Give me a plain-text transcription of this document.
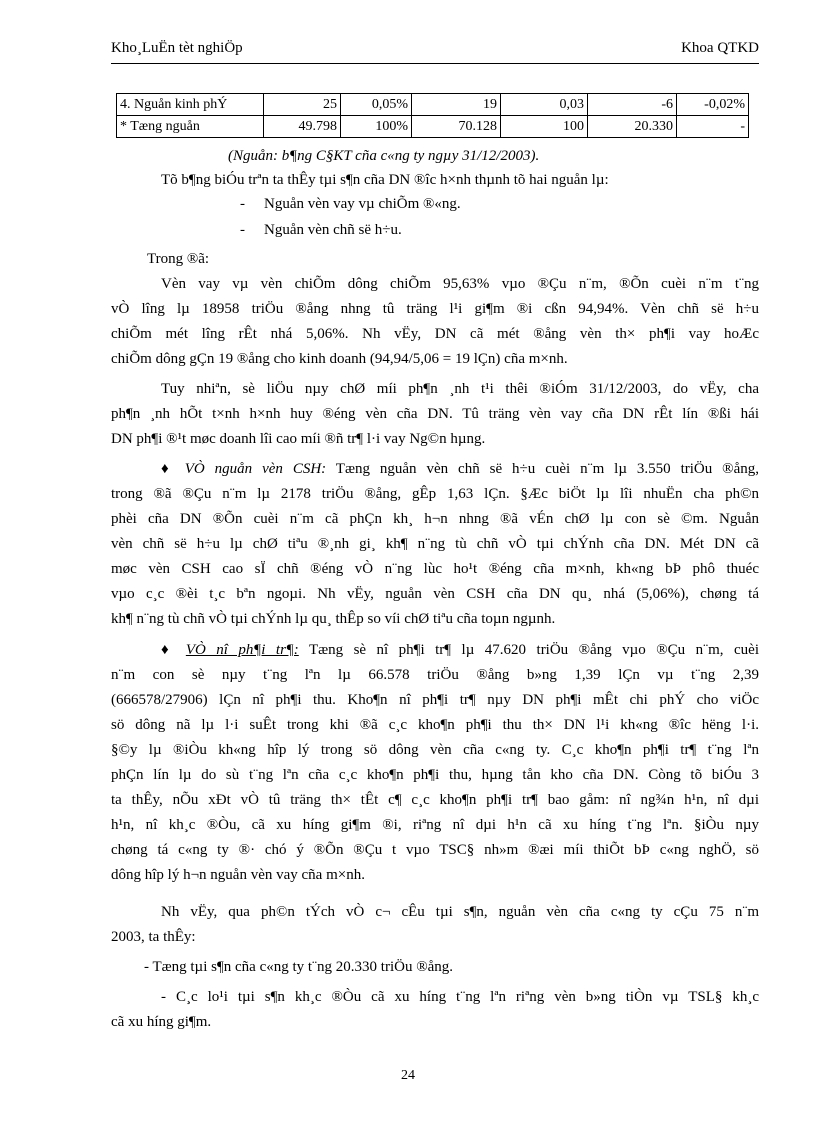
Kho¸LuËn tèt nghiÖp	Khoa QTKD
4. Nguån kinh phÝ	25	0,05%	19	0,03	-6	-0,02%
* Tæng nguån	49.798	100%	70.128	100	20.330	-
(Nguån: b¶ng C§KT cña c«ng ty ngµy 31/12/2003).

Tõ b¶ng biÓu trªn ta thÊy tµi s¶n cña DN ®îc h×nh thµnh tõ hai nguån lµ:

- Nguån vèn vay vµ chiÕm ®«ng.
- Nguån vèn chñ së h÷u.

Trong ®ã:

Vèn vay vµ vèn chiÕm dông chiÕm 95,63% vµo ®Çu n¨m, ®Õn cuèi n¨m t¨ng

vÒ lîng lµ 18958 triÖu ®ång nhng tû träng l¹i gi¶m ®i cßn 94,94%. Vèn chñ së h÷u

chiÕm mét lîng rÊt nhá 5,06%. Nh vËy, DN cã mét ®ång vèn th× ph¶i vay hoÆc

chiÕm dông gÇn 19 ®ång cho kinh doanh (94,94/5,06 = 19 lÇn) cña m×nh.

Tuy nhiªn, sè liÖu nµy chØ míi ph¶n ¸nh t¹i thêi ®iÓm 31/12/2003, do vËy, cha

ph¶n ¸nh hÕt t×nh h×nh huy ®éng vèn cña DN. Tû träng vèn vay cña DN rÊt lín ®ßi hái

DN ph¶i ®¹t møc doanh lîi cao míi ®ñ tr¶ l·i vay Ng©n hµng.

♦ VÒ nguån vèn CSH: Tæng nguån vèn chñ së h÷u cuèi n¨m lµ 3.550 triÖu ®ång,

trong ®ã ®Çu n¨m lµ 2178 triÖu ®ång, gÊp 1,63 lÇn. §Æc biÖt lµ lîi nhuËn cha ph©n

phèi cña DN ®Õn cuèi n¨m cã phÇn kh¸ h¬n nhng ®ã vÉn chØ lµ con sè ©m. Nguån

vèn chñ së h÷u lµ chØ tiªu ®¸nh gi¸ kh¶ n¨ng tù chñ vÒ tµi chÝnh cña DN. Mét DN cã

møc vèn CSH cao sÏ chñ ®éng vÒ n¨ng lùc ho¹t ®éng cña m×nh, kh«ng bÞ phô thuéc

vµo c¸c ®èi t¸c bªn ngoµi. Nh vËy, nguån vèn CSH cña DN qu¸ nhá (5,06%), chøng tá

kh¶ n¨ng tù chñ vÒ tµi chÝnh lµ qu¸ thÊp so víi chØ tiªu cña toµn ngµnh.

♦ VÒ nî ph¶i tr¶: Tæng sè nî ph¶i tr¶ lµ 47.620 triÖu ®ång vµo ®Çu n¨m, cuèi

n¨m con sè nµy t¨ng lªn lµ 66.578 triÖu ®ång b»ng 1,39 lÇn vµ t¨ng 2,39

(666578/27906) lÇn nî ph¶i thu. Kho¶n nî ph¶i tr¶ nµy DN ph¶i mÊt chi phÝ cho viÖc

sö dông nã lµ l·i suÊt trong khi ®ã c¸c kho¶n ph¶i thu th× DN l¹i kh«ng ®îc hëng l·i.

§©y lµ ®iÒu kh«ng hîp lý trong sö dông vèn cña c«ng ty. C¸c kho¶n ph¶i tr¶ t¨ng lªn

phÇn lín lµ do sù t¨ng lªn cña c¸c kho¶n ph¶i thu, hµng tån kho cña DN. Còng tõ biÓu 3

ta thÊy, nÕu xÐt vÒ tû träng th× tÊt c¶ c¸c kho¶n ph¶i tr¶ bao gåm: nî ng¾n h¹n, nî dµi

h¹n, nî kh¸c ®Òu, cã xu híng gi¶m ®i, riªng nî dµi h¹n cã xu híng t¨ng lªn. §iÒu nµy

chøng tá c«ng ty ®· chó ý ®Õn ®Çu t vµo TSC§ nh»m ®æi míi thiÕt bÞ c«ng nghÖ, sö

dông hîp lý h¬n nguån vèn vay cña m×nh.

Nh vËy, qua ph©n tÝch vÒ c¬ cÊu tµi s¶n, nguån vèn cña c«ng ty cÇu 75 n¨m

2003, ta thÊy:

- Tæng tµi s¶n cña c«ng ty t¨ng 20.330 triÖu ®ång.

- C¸c lo¹i tµi s¶n kh¸c ®Òu cã xu híng t¨ng lªn riªng vèn b»ng tiÒn vµ TSL§ kh¸c

cã xu híng gi¶m.

24
